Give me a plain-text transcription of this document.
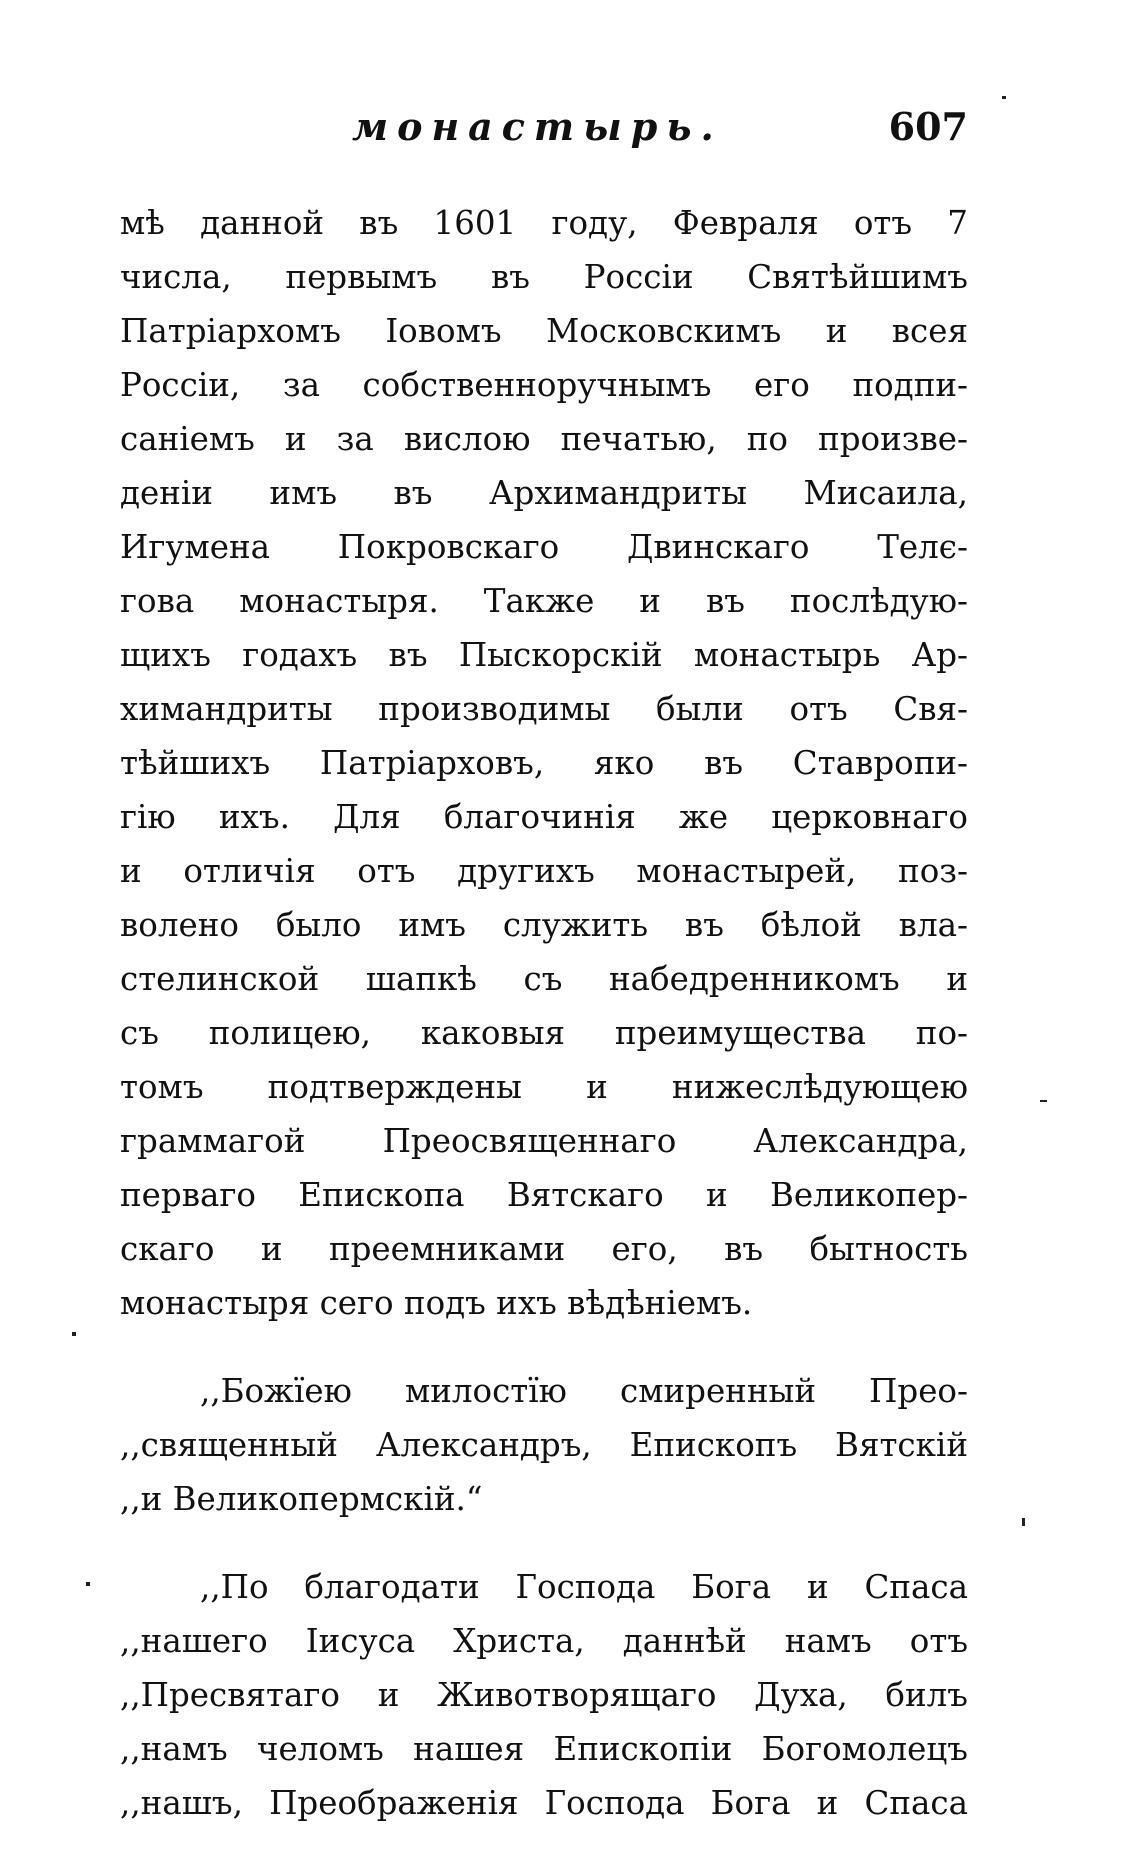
монастырь.	607
мѣ данной въ 1601 году, Февраля отъ 7
числа, первымъ въ Россіи Святѣйшимъ
Патріархомъ Іовомъ Московскимъ и всея
Россіи, за собственноручнымъ его подпи-
саніемъ и за вислою печатью, по произве-
деніи имъ въ Архимандриты Мисаила,
Игумена Покровскаго Двинскаго Телє-
гова монастыря. Также и въ послѣдую-
щихъ годахъ въ Пыскорскій монастырь Ар-
химандриты производимы были отъ Свя-
тѣйшихъ Патріарховъ, яко въ Ставропи-
гію ихъ. Для благочинія же церковнаго
и отличія отъ другихъ монастырей, поз-
волено было имъ служить въ бѣлой вла-
стелинской шапкѣ съ набедренникомъ и
съ полицею, каковыя преимущества по-
томъ подтверждены и нижеслѣдующею
граммагой Преосвященнаго Александра,
перваго Епископа Вятскаго и Великопер-
скаго и преемниками его, въ бытность
монастыря сего подъ ихъ вѣдѣніемъ.
,,Божїею милостїю смиренный Прео-
,,священный Александръ, Епископъ Вятскій
,,и Великопермскій.“
,,По благодати Господа Бога и Спаса
,,нашего Іисуса Христа, даннѣй намъ отъ
,,Пресвятаго и Животворящаго Духа, билъ
,,намъ челомъ нашея Епископіи Богомолецъ
,,нашъ, Преображенія Господа Бога и Спаса
